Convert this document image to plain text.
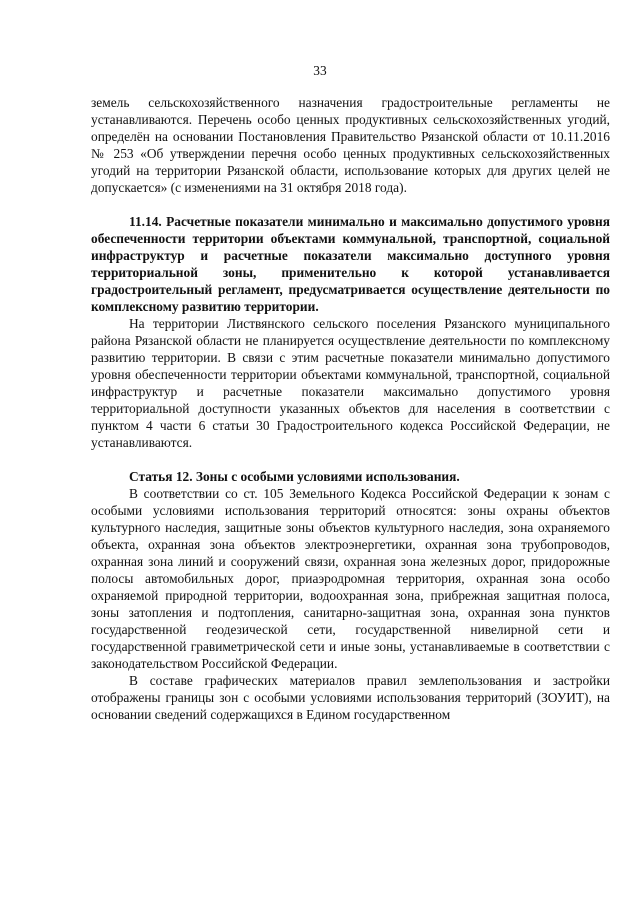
33

земель сельскохозяйственного назначения градостроительные регламенты не устанавливаются. Перечень особо ценных продуктивных сельскохозяйственных угодий, определён на основании Постановления Правительство Рязанской области от 10.11.2016 № 253 «Об утверждении перечня особо ценных продуктивных сельскохозяйственных угодий на территории Рязанской области, использование которых для других целей не допускается» (с изменениями на 31 октября 2018 года).

11.14. Расчетные показатели минимально и максимально допустимого уровня обеспеченности территории объектами коммунальной, транспортной, социальной инфраструктур и расчетные показатели максимально доступного уровня территориальной зоны, применительно к которой устанавливается градостроительный регламент, предусматривается осуществление деятельности по комплексному развитию территории.

На территории Листвянского сельского поселения Рязанского муниципального района Рязанской области не планируется осуществление деятельности по комплексному развитию территории. В связи с этим расчетные показатели минимально допустимого уровня обеспеченности территории объектами коммунальной, транспортной, социальной инфраструктур и расчетные показатели максимально допустимого уровня территориальной доступности указанных объектов для населения в соответствии с пунктом 4 части 6 статьи 30 Градостроительного кодекса Российской Федерации, не устанавливаются.

Статья 12. Зоны с особыми условиями использования.

В соответствии со ст. 105 Земельного Кодекса Российской Федерации к зонам с особыми условиями использования территорий относятся: зоны охраны объектов культурного наследия, защитные зоны объектов культурного наследия, зона охраняемого объекта, охранная зона объектов электроэнергетики, охранная зона трубопроводов, охранная зона линий и сооружений связи, охранная зона железных дорог, придорожные полосы автомобильных дорог, приаэродромная территория, охранная зона особо охраняемой природной территории, водоохранная зона, прибрежная защитная полоса, зоны затопления и подтопления, санитарно-защитная зона, охранная зона пунктов государственной геодезической сети, государственной нивелирной сети и государственной гравиметрической сети и иные зоны, устанавливаемые в соответствии с законодательством Российской Федерации.

В составе графических материалов правил землепользования и застройки отображены границы зон с особыми условиями использования территорий (ЗОУИТ), на основании сведений содержащихся в Едином государственном
